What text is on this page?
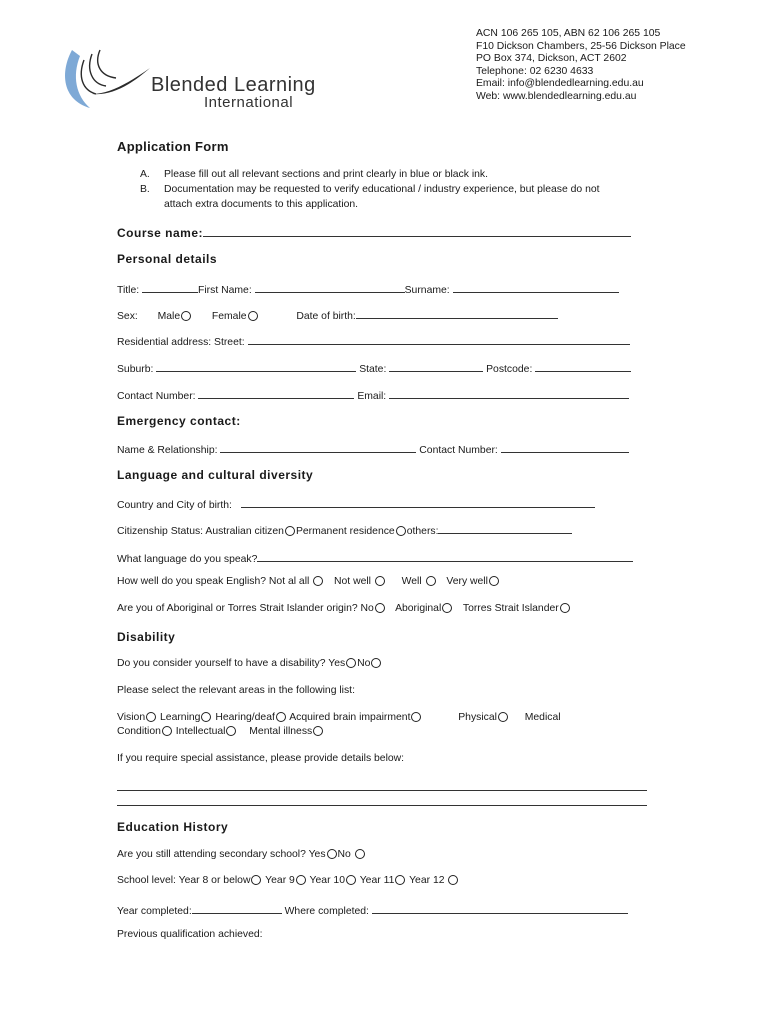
Blended Learning
International
ACN 106 265 105, ABN 62 106 265 105
F10 Dickson Chambers, 25-56 Dickson Place
PO Box 374, Dickson, ACT 2602
Telephone: 02 6230 4633
Email: info@blendedlearning.edu.au
Web: www.blendedlearning.edu.au
Application Form
A. Please fill out all relevant sections and print clearly in blue or black ink.
B. Documentation may be requested to verify educational / industry experience, but please do not
attach extra documents to this application.
Course name:
Personal details
Title:	First Name:	Surname:
Sex: Male	Female	Date of birth:
Residential address: Street:
Suburb:	State:	Postcode:
Contact Number:	Email:
Emergency contact:
Name & Relationship:	Contact Number:
Language and cultural diversity
Country and City of birth:
Citizenship Status: Australian citizen Permanent residence others:
What language do you speak?
How well do you speak English? Not al all Not well	Well Very well
Are you of Aboriginal or Torres Strait Islander origin? No Aboriginal Torres Strait Islander
Disability
Do you consider yourself to have a disability? Yes No
Please select the relevant areas in the following list:
Vision Learning Hearing/deaf Acquired brain impairment	Physical	Medical
Condition Intellectual Mental illness
If you require special assistance, please provide details below:
Education History
Are you still attending secondary school? Yes No
School level: Year 8 or below Year 9 Year 10 Year 11 Year 12
Year completed:	Where completed:
Previous qualification achieved:
